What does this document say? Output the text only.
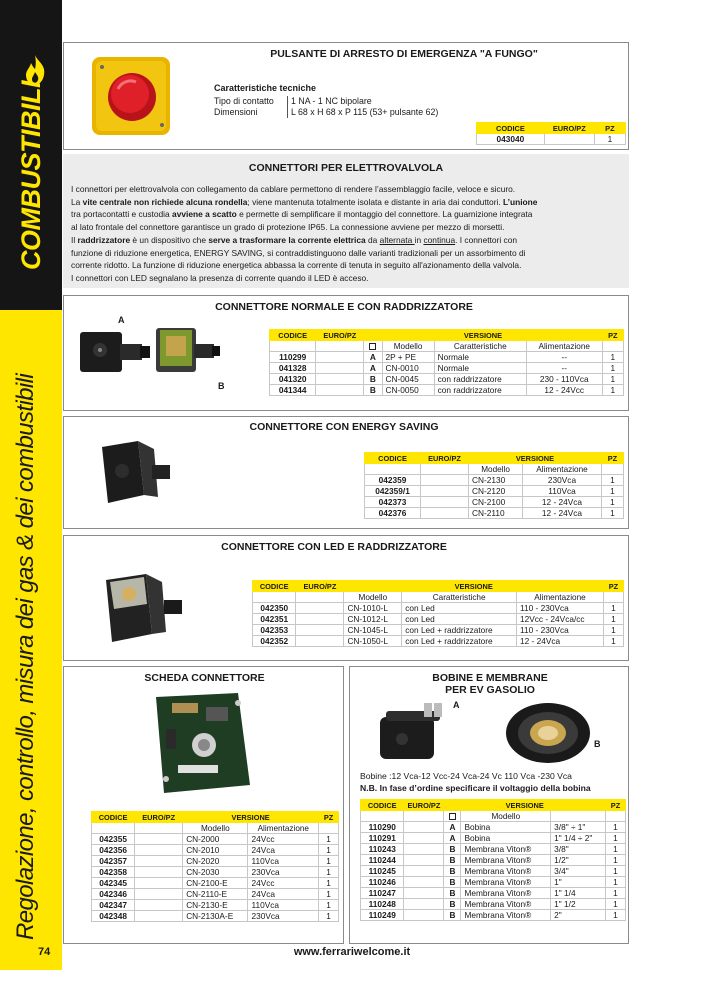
COMBUSTIBILI
Regolazione, controllo, misura dei gas & dei combustibili
74	www.ferrariwelcome.it
PULSANTE DI ARRESTO DI EMERGENZA "A FUNGO"
Caratteristiche tecniche
Tipo di contatto	1 NA - 1 NC bipolare
Dimensioni	L 68 x H 68 x P 115 (53+ pulsante 62)
CODICE	EURO/PZ	PZ
043040		1
CONNETTORI PER ELETTROVALVOLA
I connettori per elettrovalvola con collegamento da cablare permettono di rendere l’assemblaggio facile, veloce e sicuro.
La vite centrale non richiede alcuna rondella; viene mantenuta totalmente isolata e distante in aria dai conduttori. L’unione
tra portacontatti e custodia avviene a scatto e permette di semplificare il montaggio del connettore. La guarnizione integrata
al lato frontale del connettore garantisce un grado di protezione IP65. La connessione avviene per mezzo di morsetti.
Il raddrizzatore è un dispositivo che serve a trasformare la corrente elettrica da alternata in continua. I connettori con
funzione di riduzione energetica, ENERGY SAVING, si contraddistinguono dalle varianti tradizionali per un assorbimento di
corrente ridotto. La funzione di riduzione energetica abbassa la corrente di tenuta in seguito all'azionamento della valvola.
I connettori con LED segnalano la presenza di corrente quando il LED è acceso.
CONNETTORE NORMALE E CON RADDRIZZATORE
A
B
CODICE	EURO/PZ	VERSIONE				PZ
			Modello	Caratteristiche	Alimentazione	
110299		A	2P + PE	Normale	--	1
041328		A	CN-0010	Normale	--	1
041320		B	CN-0045	con raddrizzatore	230 - 110Vca	1
041344		B	CN-0050	con raddrizzatore	12 - 24Vcc	1
CONNETTORE CON ENERGY SAVING
CODICE	EURO/PZ	VERSIONE		PZ
		Modello	Alimentazione	
042359		CN-2130	230Vca	1
042359/1		CN-2120	110Vca	1
042373		CN-2100	12 - 24Vca	1
042376		CN-2110	12 - 24Vca	1
CONNETTORE CON LED E RADDRIZZATORE
CODICE	EURO/PZ	VERSIONE			PZ
		Modello	Caratteristiche	Alimentazione	
042350		CN-1010-L	con Led	110 - 230Vca	1
042351		CN-1012-L	con Led	12Vcc - 24Vca/cc	1
042353		CN-1045-L	con Led + raddrizzatore	110 - 230Vca	1
042352		CN-1050-L	con Led + raddrizzatore	12 - 24Vca	1
SCHEDA CONNETTORE
CODICE	EURO/PZ	VERSIONE		PZ
		Modello	Alimentazione	
042355		CN-2000	24Vcc	1
042356		CN-2010	24Vca	1
042357		CN-2020	110Vca	1
042358		CN-2030	230Vca	1
042345		CN-2100-E	24Vcc	1
042346		CN-2110-E	24Vca	1
042347		CN-2130-E	110Vca	1
042348		CN-2130A-E	230Vca	1
BOBINE E MEMBRANE
PER EV GASOLIO
A
B
Bobine :12 Vca-12 Vcc-24 Vca-24 Vc 110 Vca -230 Vca
N.B. In fase d’ordine specificare il voltaggio della bobina
CODICE	EURO/PZ	VERSIONE			PZ
			Modello		
110290		A	Bobina	3/8" ÷ 1"	1
110291		A	Bobina	1" 1/4 ÷ 2"	1
110243		B	Membrana Viton®	3/8"	1
110244		B	Membrana Viton®	1/2"	1
110245		B	Membrana Viton®	3/4"	1
110246		B	Membrana Viton®	1"	1
110247		B	Membrana Viton®	1" 1/4	1
110248		B	Membrana Viton®	1" 1/2	1
110249		B	Membrana Viton®	2"	1
